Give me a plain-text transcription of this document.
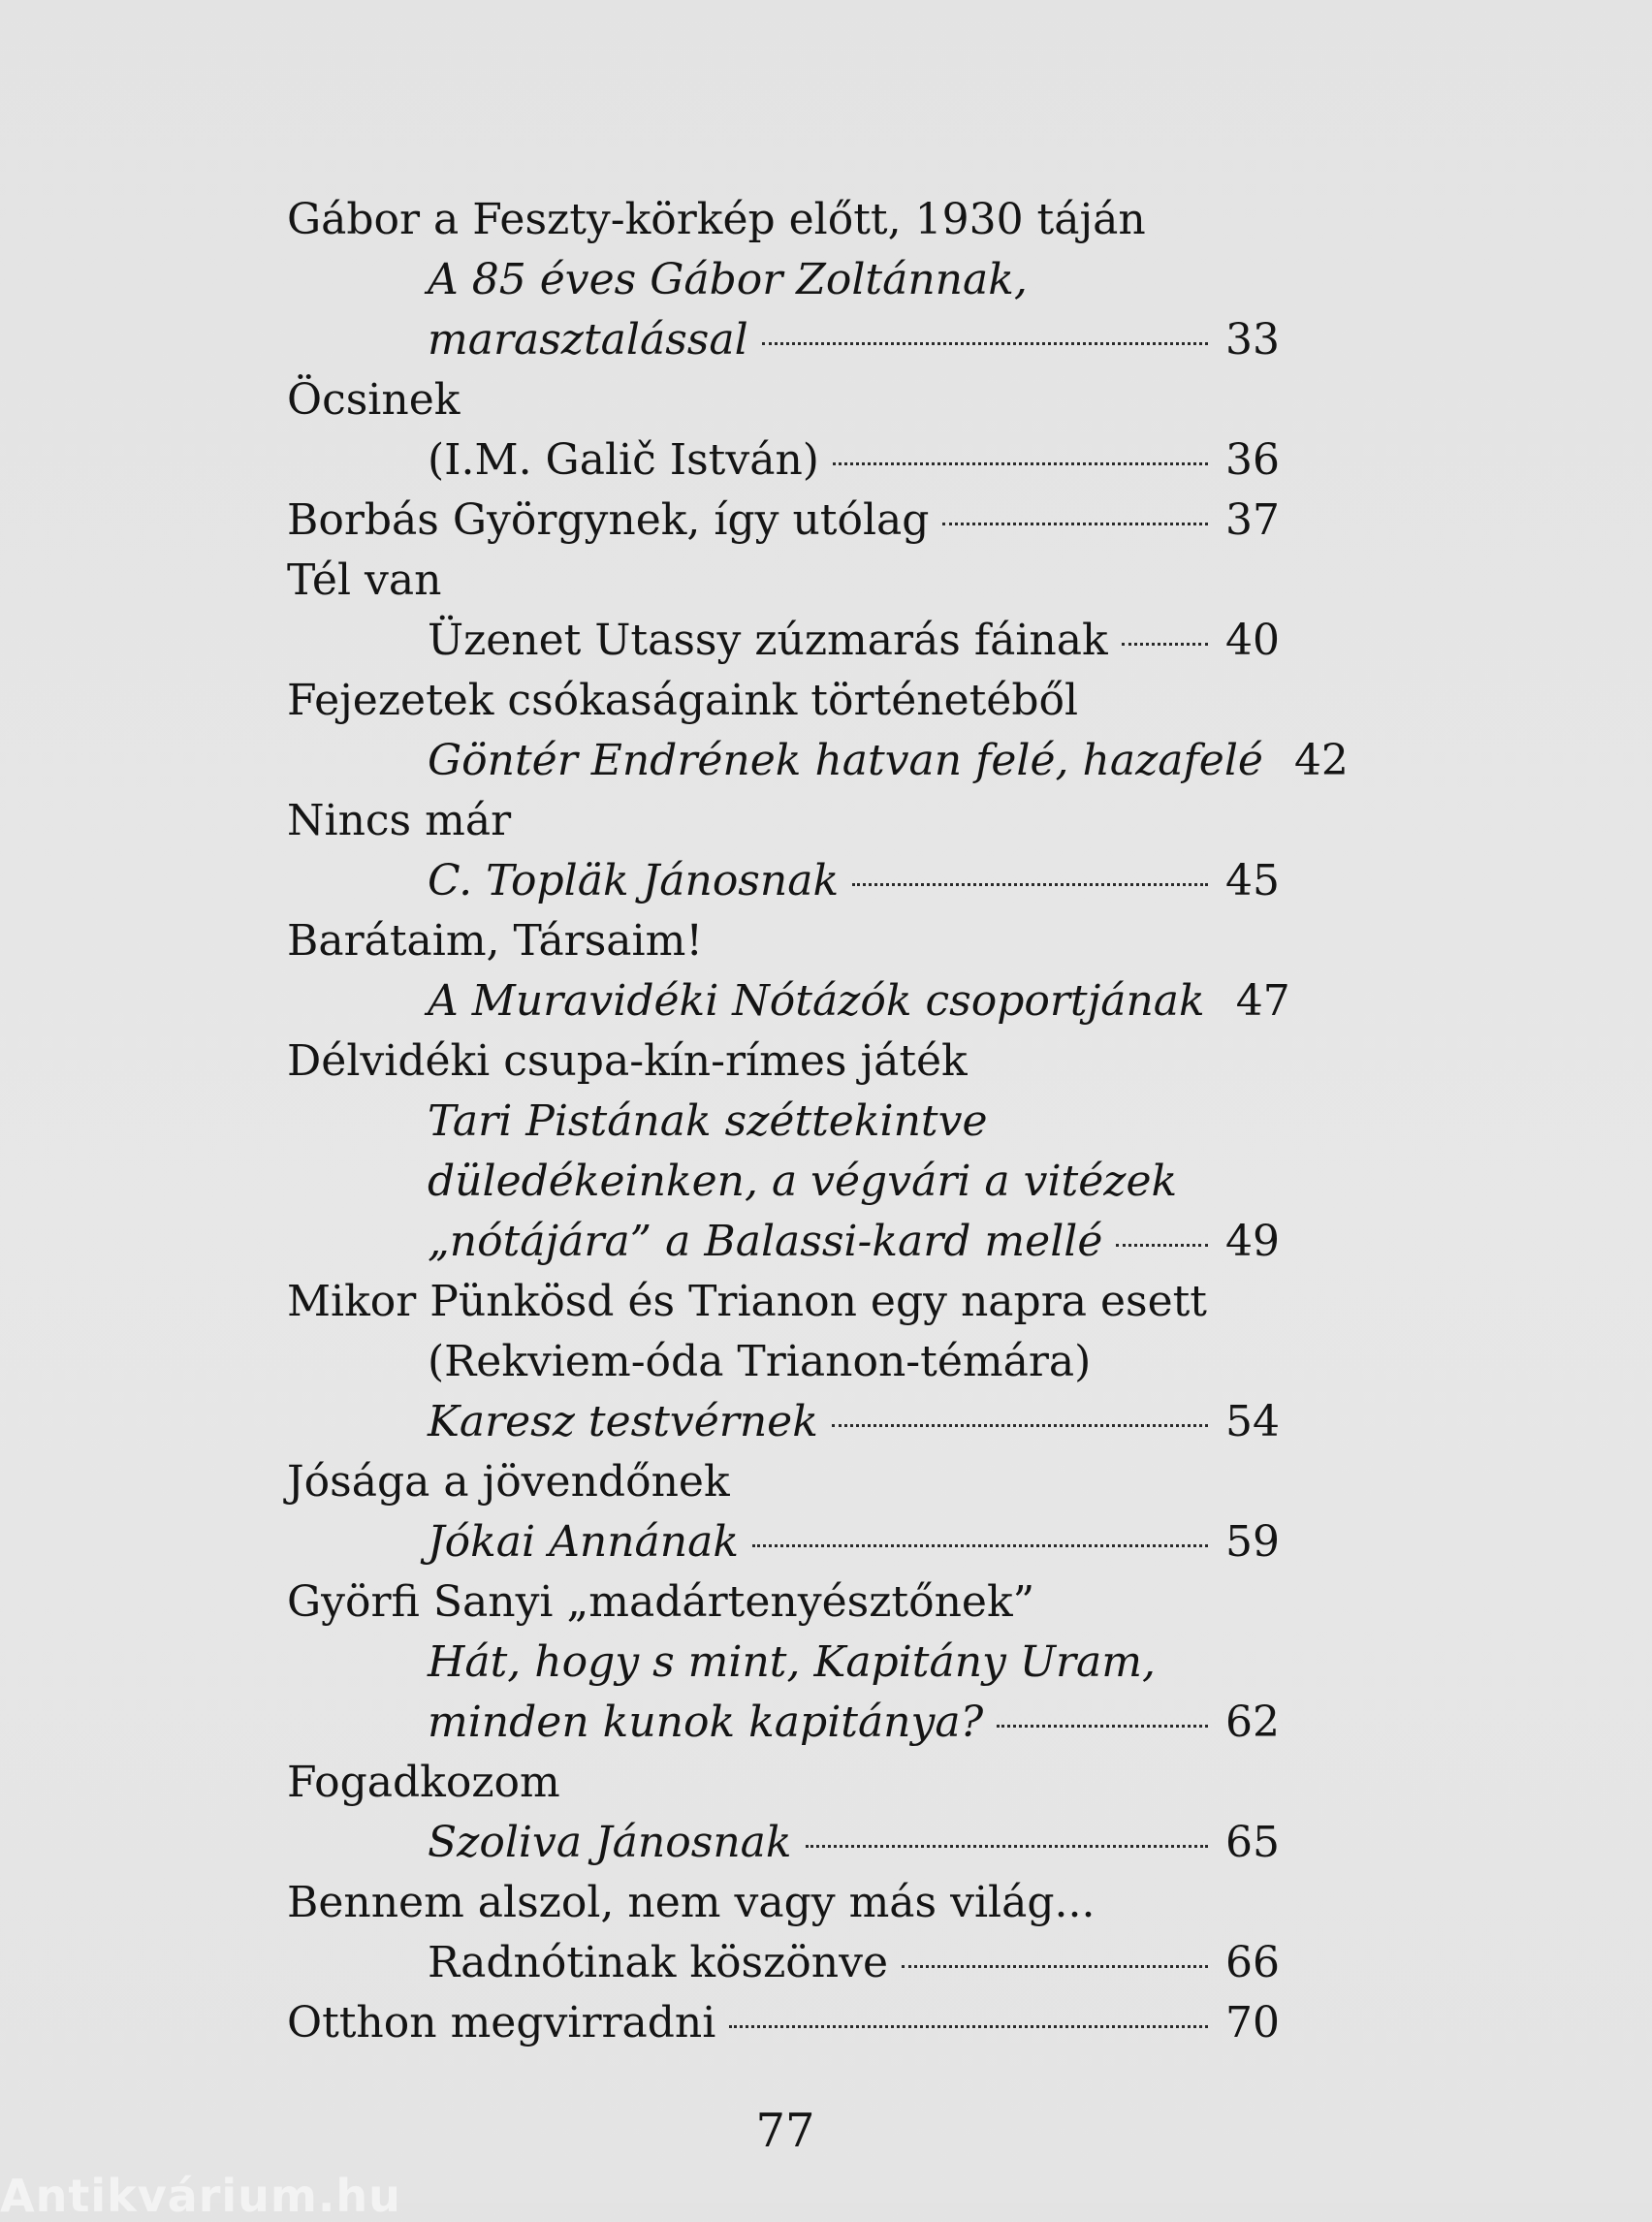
Gábor a Feszty-körkép előtt, 1930 táján
A 85 éves Gábor Zoltánnak,
marasztalással	33
Öcsinek
(I.M. Galič István)	36
Borbás Györgynek, így utólag	37
Tél van
Üzenet Utassy zúzmarás fáinak	40
Fejezetek csókaságaink történetéből
Göntér Endrének hatvan felé, hazafelé 42
Nincs már
C. Topläk Jánosnak	45
Barátaim, Társaim!
A Muravidéki Nótázók csoportjának 47
Délvidéki csupa-kín-rímes játék
Tari Pistának széttekintve
düledékeinken, a végvári a vitézek
„nótájára” a Balassi-kard mellé	49
Mikor Pünkösd és Trianon egy napra esett
(Rekviem-óda Trianon-témára)
Karesz testvérnek	54
Jósága a jövendőnek
Jókai Annának	59
Györfi Sanyi „madártenyésztőnek”
Hát, hogy s mint, Kapitány Uram,
minden kunok kapitánya?	62
Fogadkozom
Szoliva Jánosnak	65
Bennem alszol, nem vagy más világ...
Radnótinak köszönve	66
Otthon megvirradni	70
77
Antikvárium.hu
